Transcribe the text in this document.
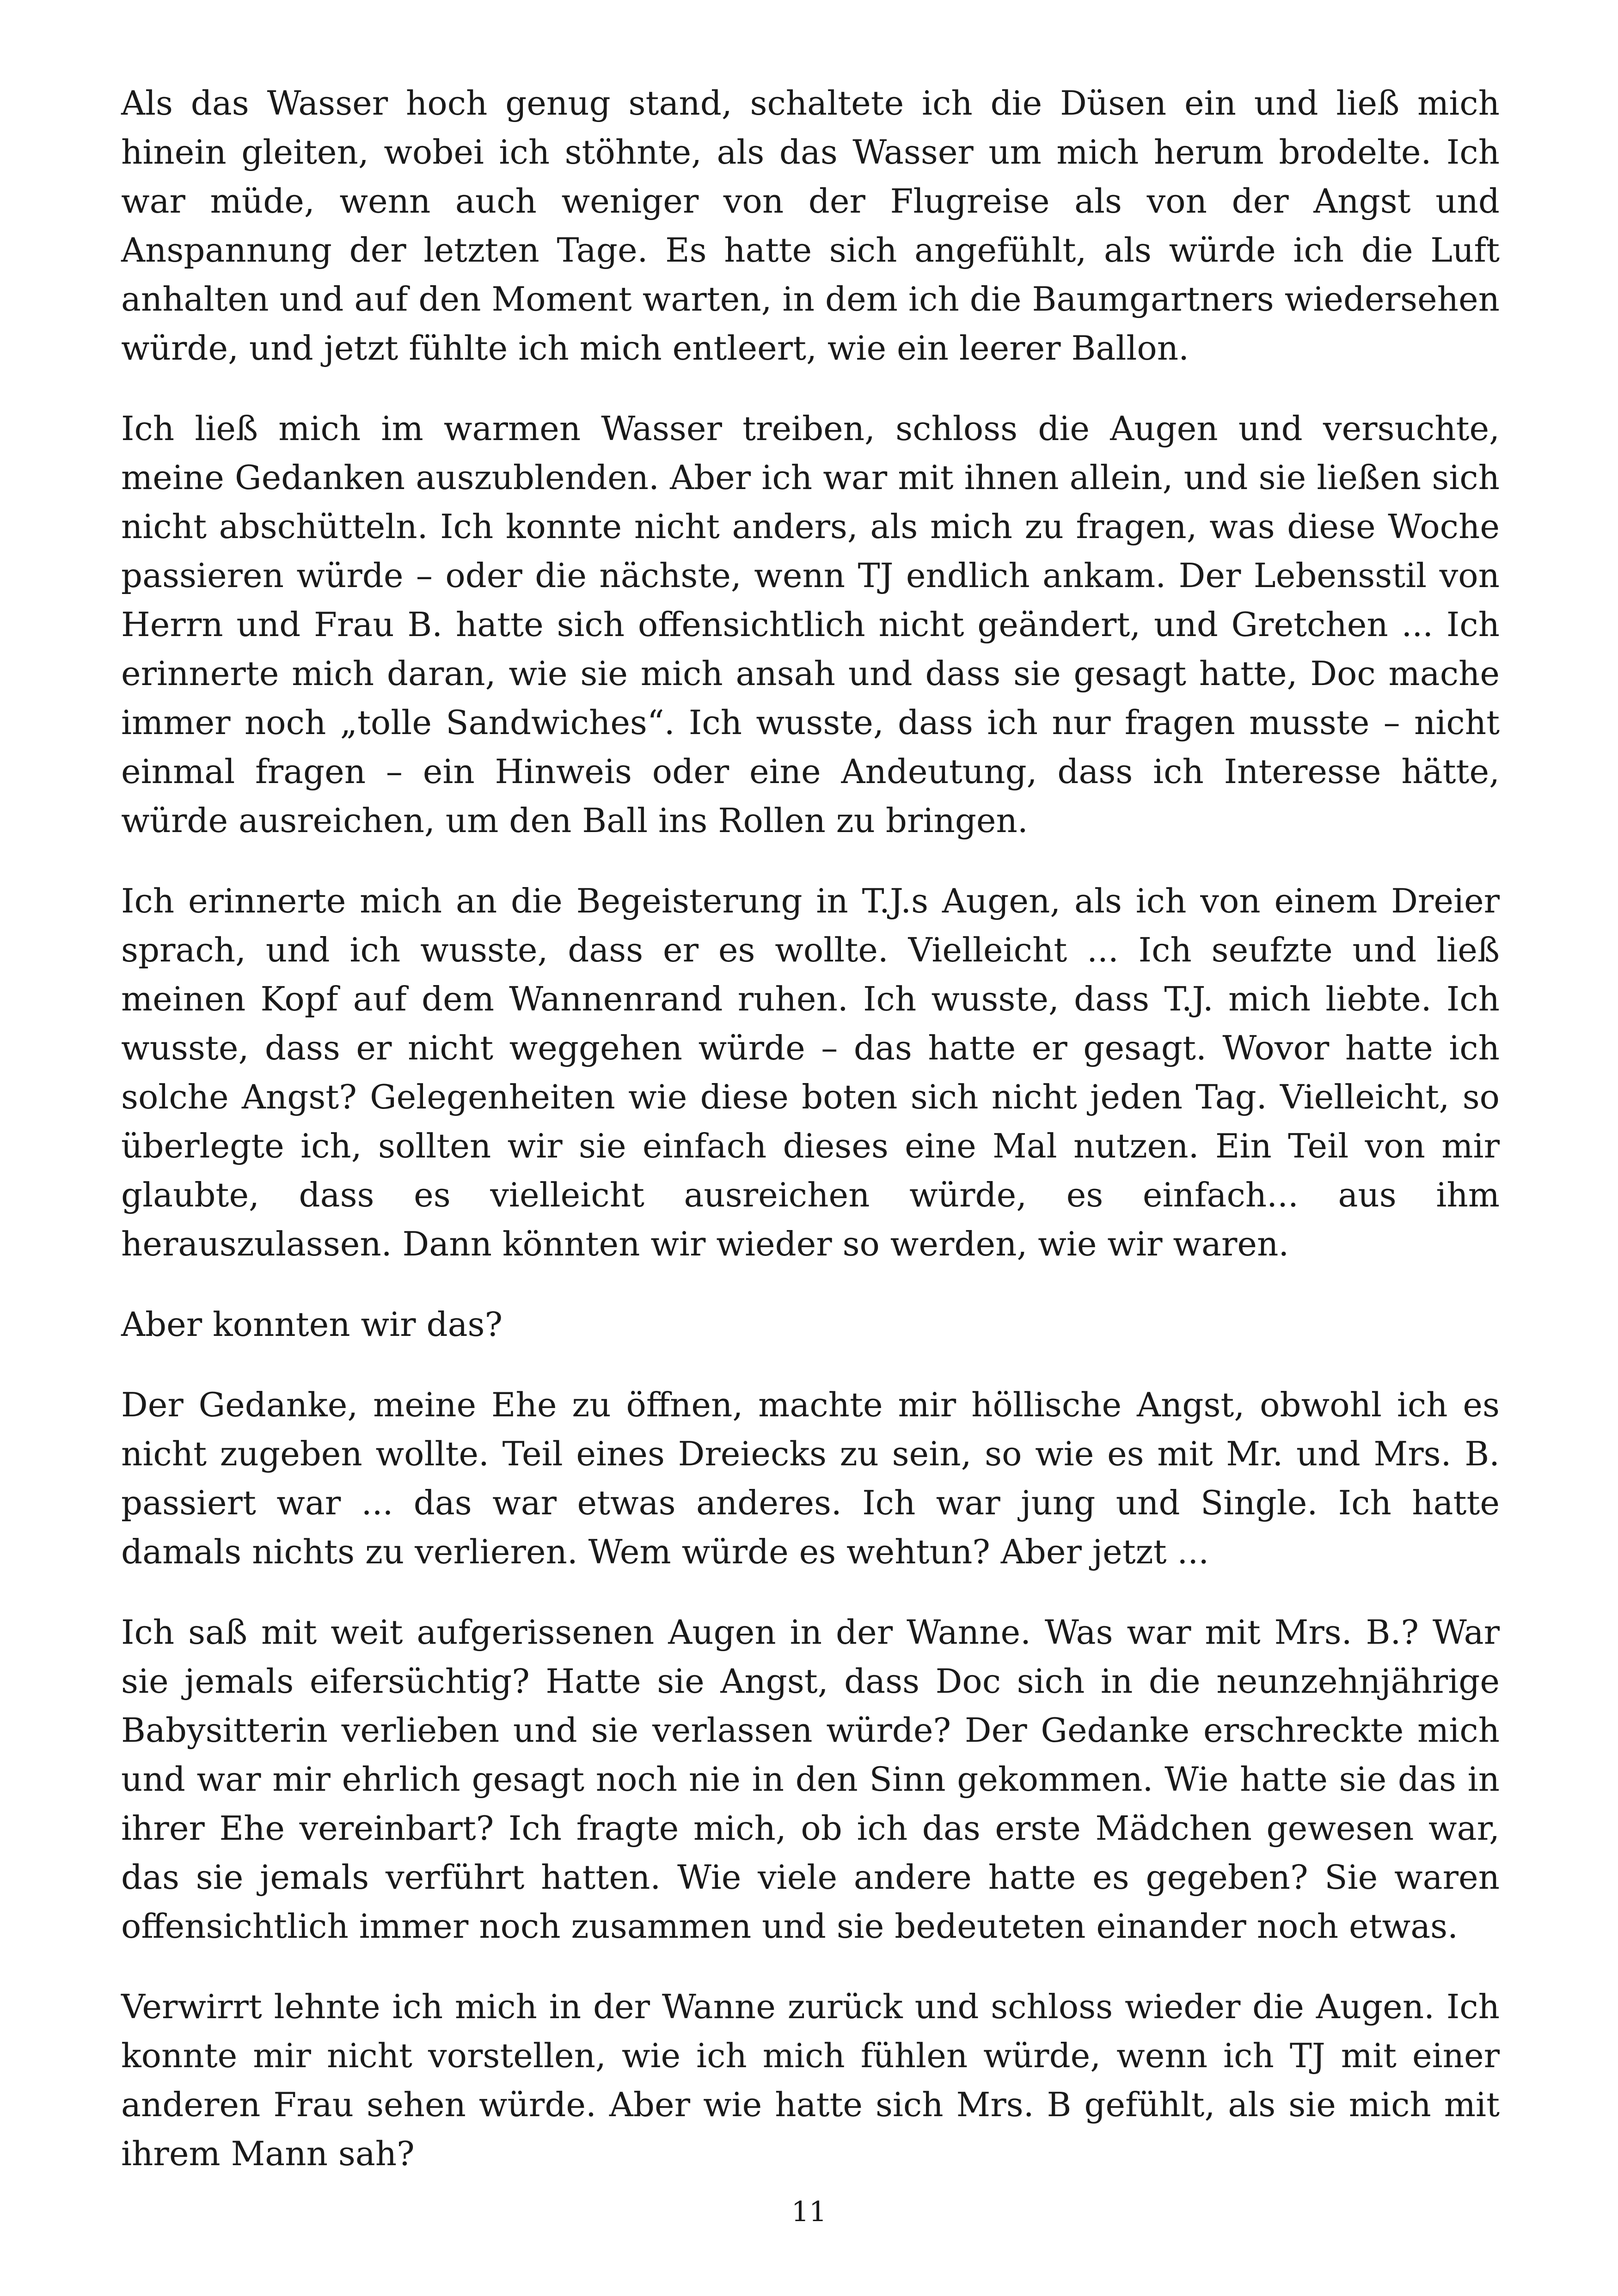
Als das Wasser hoch genug stand, schaltete ich die Düsen ein und ließ mich hinein gleiten, wobei ich stöhnte, als das Wasser um mich herum brodelte. Ich war müde, wenn auch weniger von der Flugreise als von der Angst und Anspannung der letzten Tage. Es hatte sich angefühlt, als würde ich die Luft anhalten und auf den Moment warten, in dem ich die Baumgartners wiedersehen würde, und jetzt fühlte ich mich entleert, wie ein leerer Ballon.

Ich ließ mich im warmen Wasser treiben, schloss die Augen und versuchte, meine Gedanken auszublenden. Aber ich war mit ihnen allein, und sie ließen sich nicht abschütteln. Ich konnte nicht anders, als mich zu fragen, was diese Woche passieren würde – oder die nächste, wenn TJ endlich ankam. Der Lebensstil von Herrn und Frau B. hatte sich offensichtlich nicht geändert, und Gretchen ... Ich erinnerte mich daran, wie sie mich ansah und dass sie gesagt hatte, Doc mache immer noch „tolle Sandwiches“. Ich wusste, dass ich nur fragen musste – nicht einmal fragen – ein Hinweis oder eine Andeutung, dass ich Interesse hätte, würde ausreichen, um den Ball ins Rollen zu bringen.

Ich erinnerte mich an die Begeisterung in T.J.s Augen, als ich von einem Dreier sprach, und ich wusste, dass er es wollte. Vielleicht ... Ich seufzte und ließ meinen Kopf auf dem Wannenrand ruhen. Ich wusste, dass T.J. mich liebte. Ich wusste, dass er nicht weggehen würde – das hatte er gesagt. Wovor hatte ich solche Angst? Gelegenheiten wie diese boten sich nicht jeden Tag. Vielleicht, so überlegte ich, sollten wir sie einfach dieses eine Mal nutzen. Ein Teil von mir glaubte, dass es vielleicht ausreichen würde, es einfach... aus ihm herauszulassen. Dann könnten wir wieder so werden, wie wir waren.

Aber konnten wir das?

Der Gedanke, meine Ehe zu öffnen, machte mir höllische Angst, obwohl ich es nicht zugeben wollte. Teil eines Dreiecks zu sein, so wie es mit Mr. und Mrs. B. passiert war ... das war etwas anderes. Ich war jung und Single. Ich hatte damals nichts zu verlieren. Wem würde es wehtun? Aber jetzt ...

Ich saß mit weit aufgerissenen Augen in der Wanne. Was war mit Mrs. B.? War sie jemals eifersüchtig? Hatte sie Angst, dass Doc sich in die neunzehnjährige Babysitterin verlieben und sie verlassen würde? Der Gedanke erschreckte mich und war mir ehrlich gesagt noch nie in den Sinn gekommen. Wie hatte sie das in ihrer Ehe vereinbart? Ich fragte mich, ob ich das erste Mädchen gewesen war, das sie jemals verführt hatten. Wie viele andere hatte es gegeben? Sie waren offensichtlich immer noch zusammen und sie bedeuteten einander noch etwas.

Verwirrt lehnte ich mich in der Wanne zurück und schloss wieder die Augen. Ich konnte mir nicht vorstellen, wie ich mich fühlen würde, wenn ich TJ mit einer anderen Frau sehen würde. Aber wie hatte sich Mrs. B gefühlt, als sie mich mit ihrem Mann sah?

11
